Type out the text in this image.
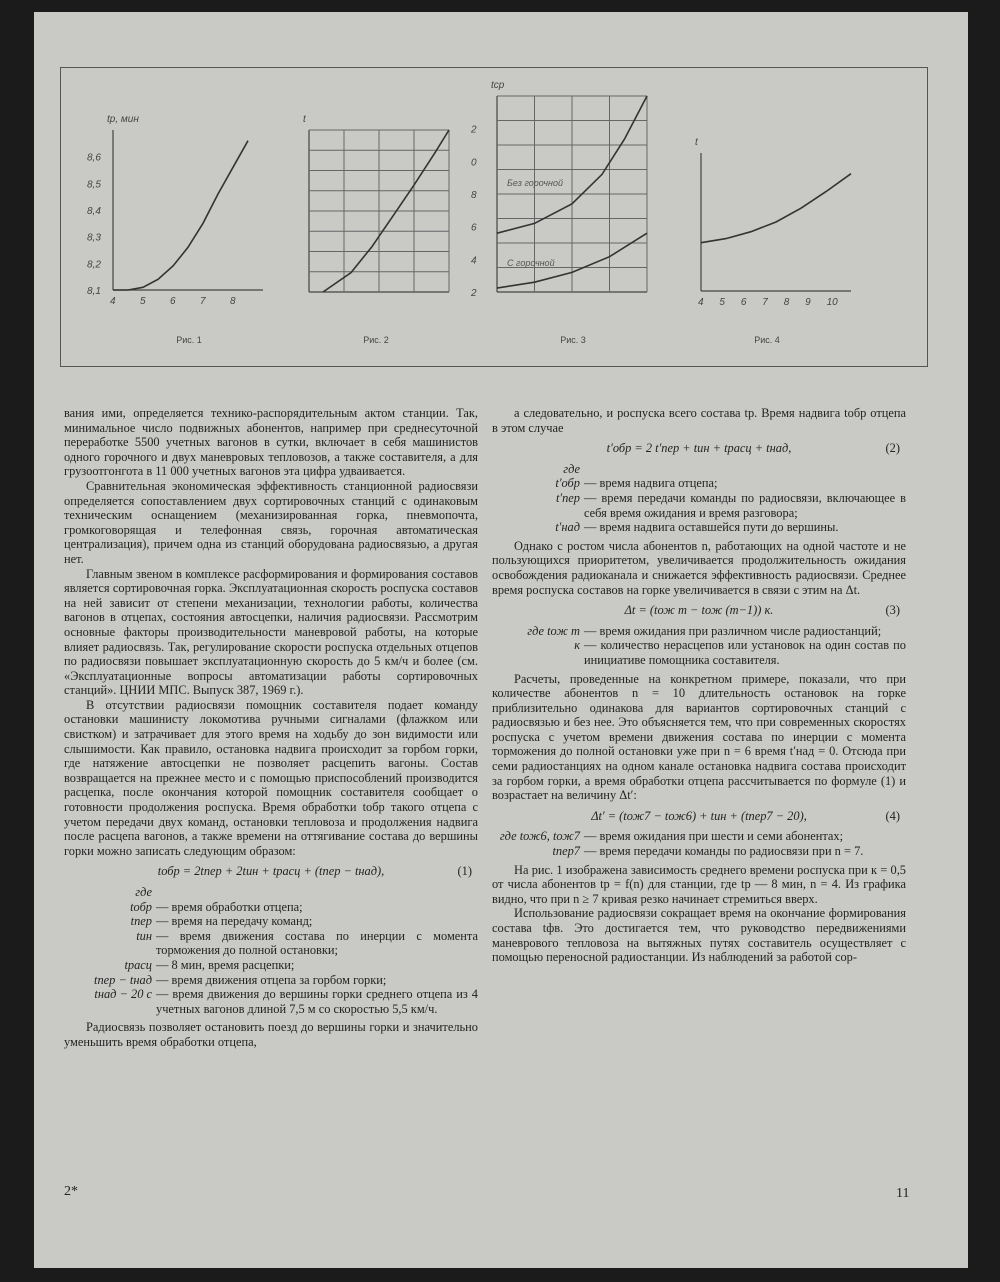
tр, мин
4 5 6 7 8
8,1
8,2
8,3
8,4
8,5
8,6
Рис. 1
t
Рис. 2
tср
2
4
6
8
0
2
Без горочной
С горочной
Рис. 3
t
4 5 6 7 8 9 10
Рис. 4

вания ими, определяется технико-распорядительным актом станции. Так, минимальное число подвижных абонентов, например при среднесуточной переработке 5500 учетных вагонов в сутки, включает в себя машинистов одного горочного и двух маневровых тепловозов, а также составителя, а для грузоотгонгота в 11 000 учетных вагонов эта цифра удваивается.

Сравнительная экономическая эффективность станционной радиосвязи определяется сопоставлением двух сортировочных станций с одинаковым техническим оснащением (механизированная горка, пневмопочта, громкоговорящая и телефонная связь, горочная автоматическая централизация), причем одна из станций оборудована радиосвязью, а другая нет.

Главным звеном в комплексе расформирования и формирования составов является сортировочная горка. Эксплуатационная скорость роспуска составов на ней зависит от степени механизации, технологии работы, количества вагонов в отцепах, состояния автосцепки, наличия радиосвязи. Рассмотрим основные факторы производительности маневровой работы, на которые влияет радиосвязь. Так, регулирование скорости роспуска отдельных отцепов по радиосвязи повышает эксплуатационную скорость до 5 км/ч и более (см. «Эксплуатационные вопросы автоматизации работы сортировочных станций». ЦНИИ МПС. Выпуск 387, 1969 г.).

В отсутствии радиосвязи помощник составителя подает команду остановки машинисту локомотива ручными сигналами (флажком или свистком) и затрачивает для этого время на ходьбу до зон видимости или слышимости. Как правило, остановка надвига происходит за горбом горки, где натяжение автосцепки не позволяет расцепить вагоны. Состав возвращается на прежнее место и с помощью приспособлений производится расцепка, после окончания которой помощник составителя сообщает о готовности продолжения роспуска. Время обработки tобр такого отцепа с учетом передачи двух команд, остановки тепловоза и продолжения надвига после расцепа вагонов, а также времени на оттягивание состава до вершины горки можно записать следующим образом:

tобр = 2tпер + 2tин + tрасц + (tпер − tнад),	(1)
где
tобр — время обработки отцепа;
tпер — время на передачу команд;
tин — время движения состава по инерции с момента торможения до полной остановки;
tрасц — 8 мин, время расцепки;
tпер − tнад — время движения отцепа за горбом горки;
tнад − 20 с — время движения до вершины горки среднего отцепа из 4 учетных вагонов длиной 7,5 м со скоростью 5,5 км/ч.

Радиосвязь позволяет остановить поезд до вершины горки и значительно уменьшить время обработки отцепа,

а следовательно, и роспуска всего состава tр. Время надвига tобр отцепа в этом случае

t′обр = 2 t′пер + tин + tрасц + tнад,	(2)
где
t′обр — время надвига отцепа;
t′пер — время передачи команды по радиосвязи, включающее в себя время ожидания и время разговора;
t′над — время надвига оставшейся пути до вершины.

Однако с ростом числа абонентов n, работающих на одной частоте и не пользующихся приоритетом, увеличивается продолжительность ожидания освобождения радиоканала и снижается эффективность радиосвязи. Среднее время роспуска составов на горке увеличивается в связи с этим на Δt.

Δt = (tож m − tож (m−1)) к.	(3)
где tож m — время ожидания при различном числе радиостанций;
к — количество нерасцепов или установок на один состав по инициативе помощника составителя.

Расчеты, проведенные на конкретном примере, показали, что при количестве абонентов n = 10 длительность остановок на горке приблизительно одинакова для вариантов сортировочных станций с радиосвязью и без нее. Это объясняется тем, что при современных скоростях роспуска с учетом времени движения состава по инерции с момента торможения до полной остановки уже при n = 6 время t′над = 0. Отсюда при семи радиостанциях на одном канале остановка надвига состава происходит за горбом горки, а время обработки отцепа рассчитывается по формуле (1) и возрастает на величину Δt′:

Δt′ = (tож7 − tож6) + tин + (tпер7 − 20),	(4)
где tож6, tож7 — время ожидания при шести и семи абонентах;
tпер7 — время передачи команды по радиосвязи при n = 7.

На рис. 1 изображена зависимость среднего времени роспуска при к = 0,5 от числа абонентов tр = f(n) для станции, где tр — 8 мин, n = 4. Из графика видно, что при n ≥ 7 кривая резко начинает стремиться вверх.

Использование радиосвязи сокращает время на окончание формирования состава tфв. Это достигается тем, что руководство передвижениями маневрового тепловоза на вытяжных путях составитель осуществляет с помощью переносной радиостанции. Из наблюдений за работой сор-

2*	11
